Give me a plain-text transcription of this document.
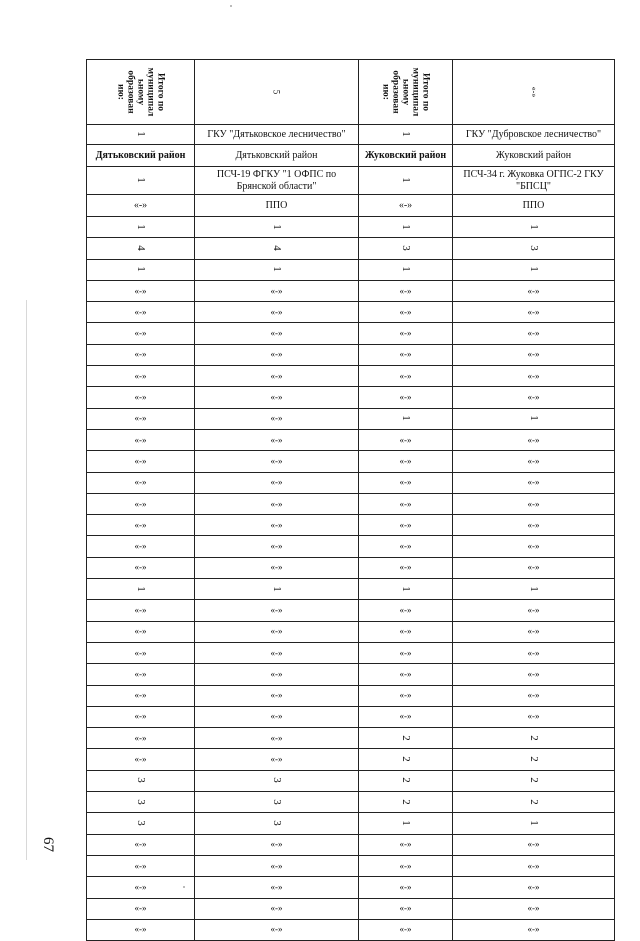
Итого по
муниципал
ьному
образован
ию:	5	Итого по
муниципал
ьному
образован
ию:	«-»
1	ГКУ "Дятьковское лесничество"	1	ГКУ "Дубровское лесничество"
Дятьковский район	Дятьковский район	Жуковский район	Жуковский район
1	ПСЧ-19 ФГКУ "1 ОФПС по Брянской области"	1	ПСЧ-34 г. Жуковка ОГПС-2 ГКУ "БПСЦ"
«-»	ППО	«-»	ППО
1	1	1	1
4	4	3	3
1	1	1	1
«-»	«-»	«-»	«-»
«-»	«-»	«-»	«-»
«-»	«-»	«-»	«-»
«-»	«-»	«-»	«-»
«-»	«-»	«-»	«-»
«-»	«-»	«-»	«-»
«-»	«-»	1	1
«-»	«-»	«-»	«-»
«-»	«-»	«-»	«-»
«-»	«-»	«-»	«-»
«-»	«-»	«-»	«-»
«-»	«-»	«-»	«-»
«-»	«-»	«-»	«-»
«-»	«-»	«-»	«-»
1	1	1	1
«-»	«-»	«-»	«-»
«-»	«-»	«-»	«-»
«-»	«-»	«-»	«-»
«-»	«-»	«-»	«-»
«-»	«-»	«-»	«-»
«-»	«-»	«-»	«-»
«-»	«-»	2	2
«-»	«-»	2	2
3	3	2	2
3	3	2	2
3	3	1	1
«-»	«-»	«-»	«-»
«-»	«-»	«-»	«-»
«-»	«-»	«-»	«-»
«-»	«-»	«-»	«-»
«-»	«-»	«-»	«-»
67
